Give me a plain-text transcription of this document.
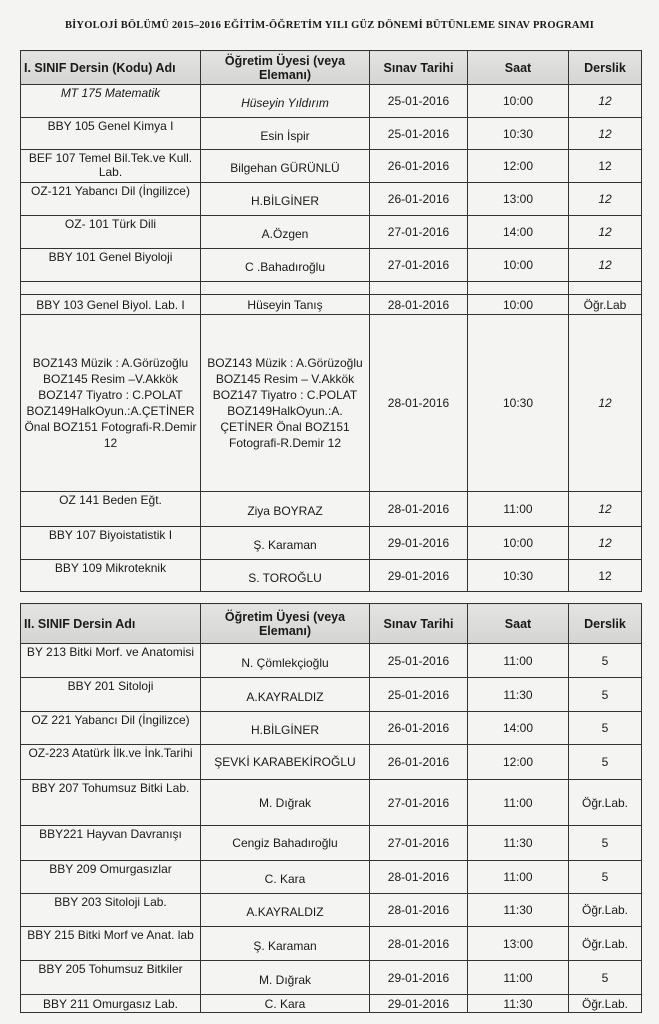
BİYOLOJİ BÖLÜMÜ 2015–2016 EĞİTİM-ÖĞRETİM YILI GÜZ DÖNEMİ BÜTÜNLEME SINAV PROGRAMI
I. SINIF Dersin (Kodu) Adı	Öğretim Üyesi (veya Elemanı)	Sınav Tarihi	Saat	Derslik
MT 175 Matematik	Hüseyin Yıldırım	25-01-2016	10:00	12
BBY 105 Genel Kimya I	Esin İspir	25-01-2016	10:30	12
BEF 107 Temel Bil.Tek.ve Kull. Lab.	Bilgehan GÜRÜNLÜ	26-01-2016	12:00	12
OZ-121 Yabancı Dil (İngilizce)	H.BİLGİNER	26-01-2016	13:00	12
OZ- 101 Türk Dili	A.Özgen	27-01-2016	14:00	12
BBY 101 Genel Biyoloji	C .Bahadıroğlu	27-01-2016	10:00	12

BBY 103 Genel Biyol. Lab. I	Hüseyin Tanış	28-01-2016	10:00	Öğr.Lab
BOZ143 Müzik : A.Görüzoğlu BOZ145 Resim –V.Akkök BOZ147 Tiyatro : C.POLAT BOZ149HalkOyun.:A.ÇETİNER Önal BOZ151 Fotografi-R.Demir 12	BOZ143 Müzik : A.Görüzoğlu BOZ145 Resim – V.Akkök BOZ147 Tiyatro : C.POLAT BOZ149HalkOyun.:A. ÇETİNER Önal BOZ151 Fotografi-R.Demir 12	28-01-2016	10:30	12
OZ 141 Beden Eğt.	Ziya BOYRAZ	28-01-2016	11:00	12
BBY 107 Biyoistatistik I	Ş. Karaman	29-01-2016	10:00	12
BBY 109 Mikroteknik	S. TOROĞLU	29-01-2016	10:30	12
II. SINIF Dersin Adı	Öğretim Üyesi (veya Elemanı)	Sınav Tarihi	Saat	Derslik
BY 213 Bitki Morf. ve Anatomisi	N. Çömlekçioğlu	25-01-2016	11:00	5
BBY 201 Sitoloji	A.KAYRALDIZ	25-01-2016	11:30	5
OZ 221 Yabancı Dil (İngilizce)	H.BİLGİNER	26-01-2016	14:00	5
OZ-223 Atatürk İlk.ve İnk.Tarihi	ŞEVKİ KARABEKİROĞLU	26-01-2016	12:00	5
BBY 207 Tohumsuz Bitki Lab.	M. Dığrak	27-01-2016	11:00	Öğr.Lab.
BBY221 Hayvan Davranışı	Cengiz Bahadıroğlu	27-01-2016	11:30	5
BBY 209 Omurgasızlar	C. Kara	28-01-2016	11:00	5
BBY 203 Sitoloji Lab.	A.KAYRALDIZ	28-01-2016	11:30	Öğr.Lab.
BBY 215 Bitki Morf ve Anat. lab	Ş. Karaman	28-01-2016	13:00	Öğr.Lab.
BBY 205 Tohumsuz Bitkiler	M. Dığrak	29-01-2016	11:00	5
BBY 211 Omurgasız Lab.	C. Kara	29-01-2016	11:30	Öğr.Lab.
